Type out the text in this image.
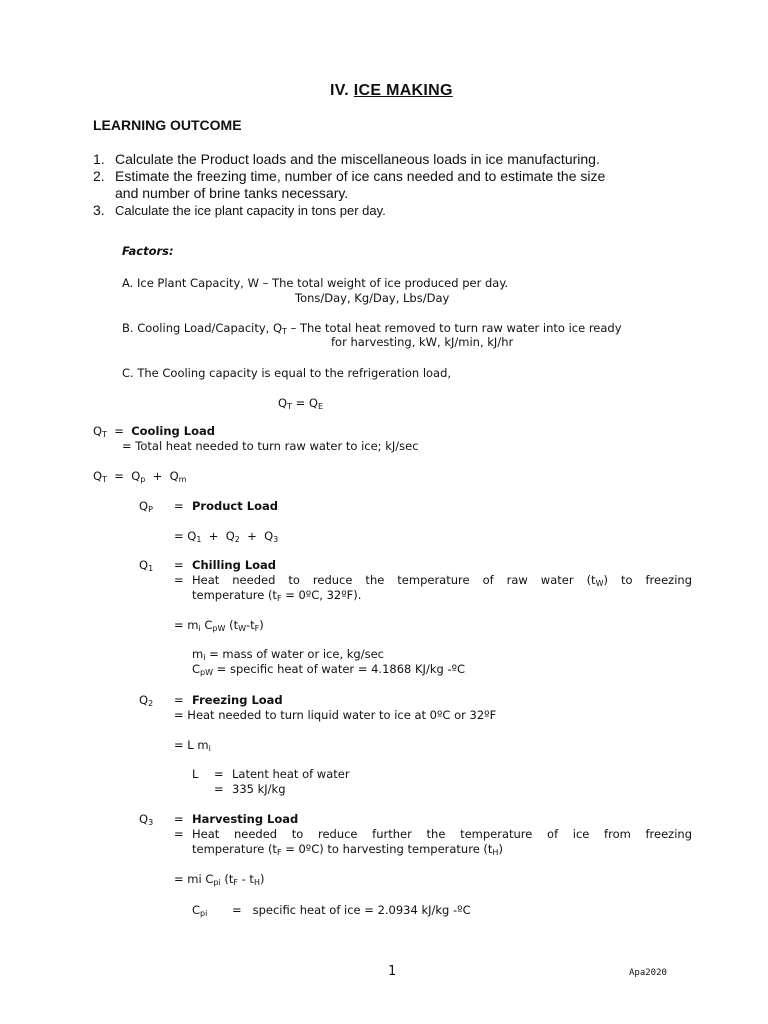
IV. ICE MAKING
LEARNING OUTCOME
1. Calculate the Product loads and the miscellaneous loads in ice manufacturing.
2. Estimate the freezing time, number of ice cans needed and to estimate the size
and number of brine tanks necessary.
3. Calculate the ice plant capacity in tons per day.
Factors:
A. Ice Plant Capacity, W – The total weight of ice produced per day.
Tons/Day, Kg/Day, Lbs/Day
B. Cooling Load/Capacity, $Q_T$ – The total heat removed to turn raw water into ice ready
for harvesting, kW, kJ/min, kJ/hr
C. The Cooling capacity is equal to the refrigeration load,
$Q_T = Q_E$
$Q_T$  =  Cooling Load
= Total heat needed to turn raw water to ice; kJ/sec
$Q_T = Q_p + Q_m$
$Q_P$ = Product Load
= $Q_1 + Q_2 + Q_3$
$Q_1$ = Chilling Load
= Heat needed to reduce the temperature of raw water $(t_W)$ to freezing
temperature ($t_F$ = 0ºC, 32ºF).
= $m_i$ $C_{pW}$ $(t_W-t_F)$
$m_i$ = mass of water or ice, kg/sec
$C_{pW}$ = specific heat of water = 4.1868 KJ/kg -ºC
$Q_2$ = Freezing Load
= Heat needed to turn liquid water to ice at 0ºC or 32ºF
= L $m_i$
L = Latent heat of water
= 335 kJ/kg
$Q_3$ = Harvesting Load
= Heat needed to reduce further the temperature of ice from freezing
temperature ($t_F$ = 0ºC) to harvesting temperature $(t_H)$
= mi $C_{pi}$ $(t_F - t_H)$
$C_{pi}$ =   specific heat of ice = 2.0934 kJ/kg -ºC
1	Apa2020
